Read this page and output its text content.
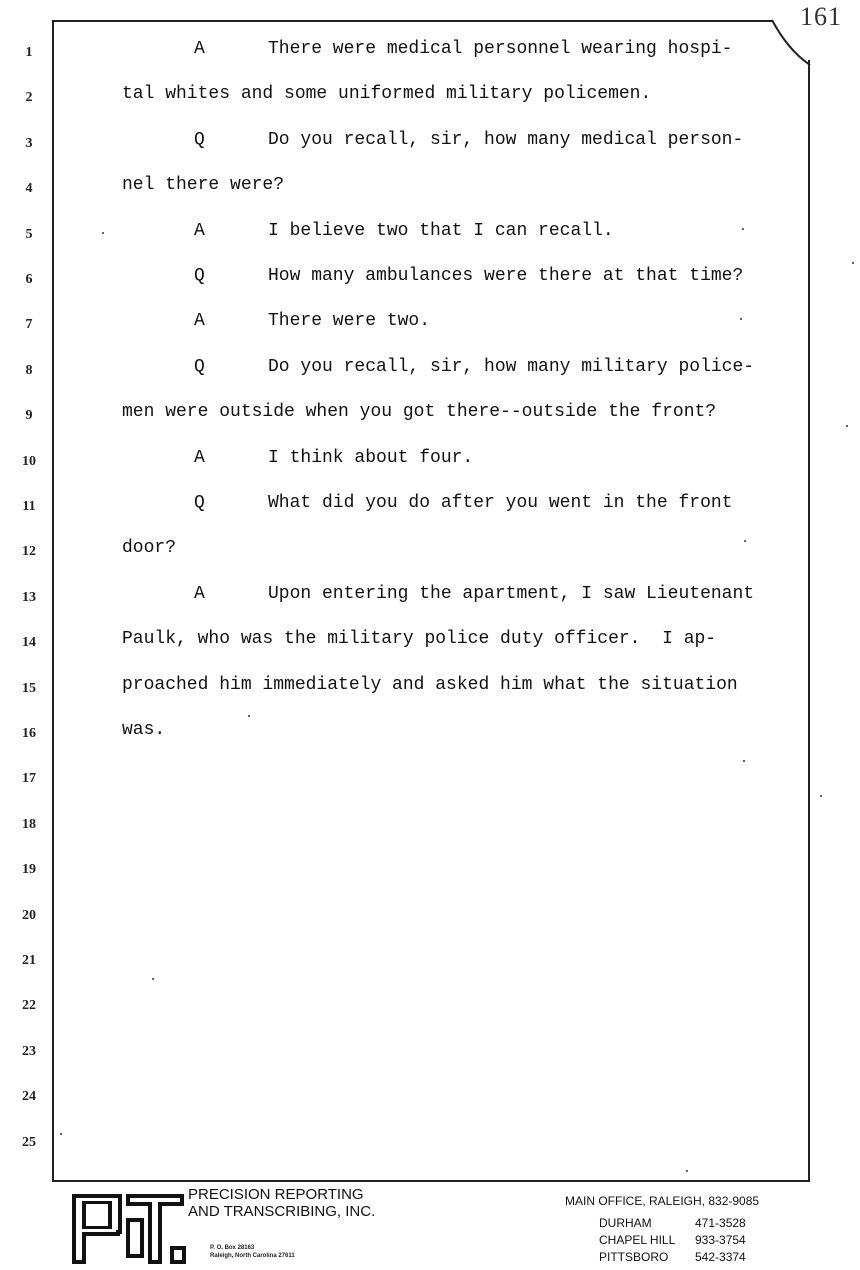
161
1
2
3
4
5
6
7
8
9
10
11
12
13
14
15
16
17
18
19
20
21
22
23
24
25
A	There were medical personnel wearing hospi-
tal whites and some uniformed military policemen.
Q	Do you recall, sir, how many medical person-
nel there were?
A	I believe two that I can recall.
Q	How many ambulances were there at that time?
A	There were two.
Q	Do you recall, sir, how many military police-
men were outside when you got there--outside the front?
A	I think about four.
Q	What did you do after you went in the front
door?
A	Upon entering the apartment, I saw Lieutenant
Paulk, who was the military police duty officer.  I ap-
proached him immediately and asked him what the situation
was.
PRECISION REPORTING
AND TRANSCRIBING, INC.
P. O. Box 28163
Raleigh, North Carolina 27611
MAIN OFFICE, RALEIGH, 832-9085
DURHAM	471-3528
CHAPEL HILL 933-3754
PITTSBORO 542-3374
